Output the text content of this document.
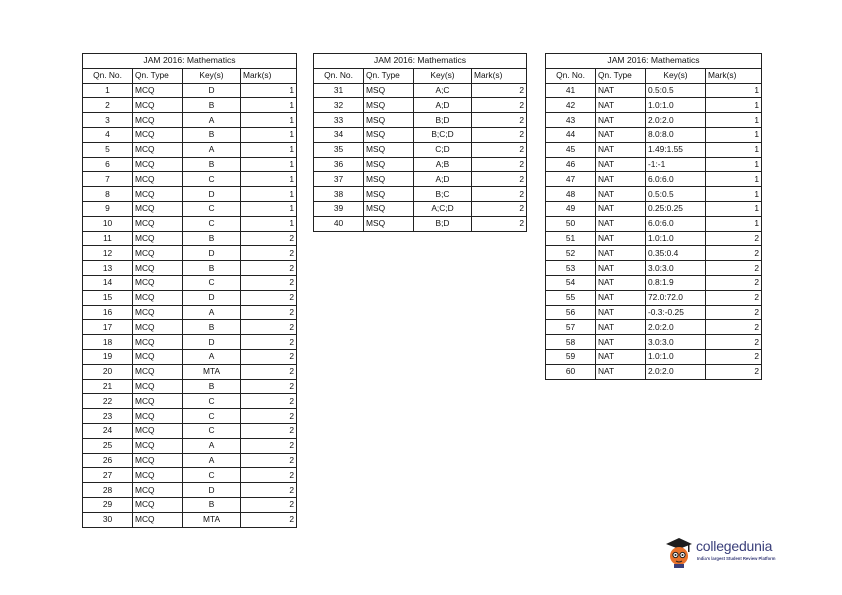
JAM 2016: Mathematics			
Qn. No.	Qn. Type	Key(s)	Mark(s)
1	MCQ	D	1
2	MCQ	B	1
3	MCQ	A	1
4	MCQ	B	1
5	MCQ	A	1
6	MCQ	B	1
7	MCQ	C	1
8	MCQ	D	1
9	MCQ	C	1
10	MCQ	C	1
11	MCQ	B	2
12	MCQ	D	2
13	MCQ	B	2
14	MCQ	C	2
15	MCQ	D	2
16	MCQ	A	2
17	MCQ	B	2
18	MCQ	D	2
19	MCQ	A	2
20	MCQ	MTA	2
21	MCQ	B	2
22	MCQ	C	2
23	MCQ	C	2
24	MCQ	C	2
25	MCQ	A	2
26	MCQ	A	2
27	MCQ	C	2
28	MCQ	D	2
29	MCQ	B	2
30	MCQ	MTA	2
JAM 2016: Mathematics			
Qn. No.	Qn. Type	Key(s)	Mark(s)
31	MSQ	A;C	2
32	MSQ	A;D	2
33	MSQ	B;D	2
34	MSQ	B;C;D	2
35	MSQ	C;D	2
36	MSQ	A;B	2
37	MSQ	A;D	2
38	MSQ	B;C	2
39	MSQ	A;C;D	2
40	MSQ	B;D	2
JAM 2016: Mathematics			
Qn. No.	Qn. Type	Key(s)	Mark(s)
41	NAT	0.5:0.5	1
42	NAT	1.0:1.0	1
43	NAT	2.0:2.0	1
44	NAT	8.0:8.0	1
45	NAT	1.49:1.55	1
46	NAT	-1:-1	1
47	NAT	6.0:6.0	1
48	NAT	0.5:0.5	1
49	NAT	0.25:0.25	1
50	NAT	6.0:6.0	1
51	NAT	1.0:1.0	2
52	NAT	0.35:0.4	2
53	NAT	3.0:3.0	2
54	NAT	0.8:1.9	2
55	NAT	72.0:72.0	2
56	NAT	-0.3:-0.25	2
57	NAT	2.0:2.0	2
58	NAT	3.0:3.0	2
59	NAT	1.0:1.0	2
60	NAT	2.0:2.0	2
collegedunia
India's largest Student Review Platform
